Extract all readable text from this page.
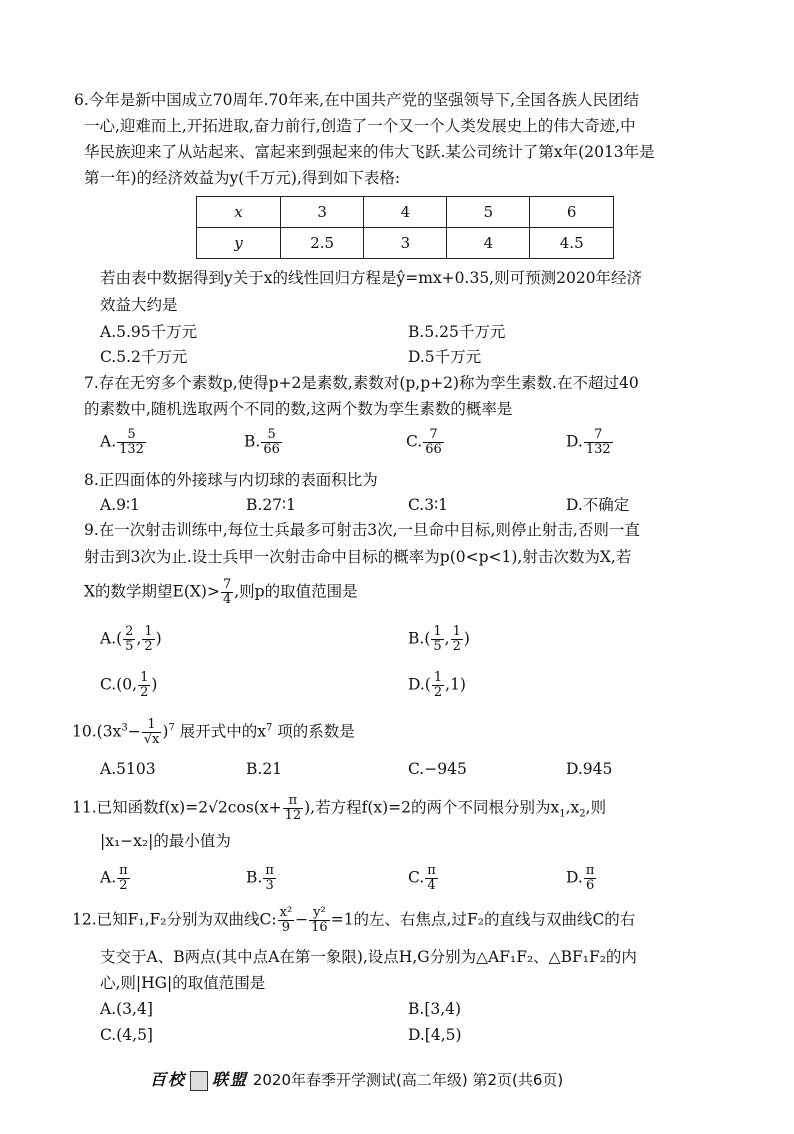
6.今年是新中国成立70周年.70年来,在中国共产党的坚强领导下,全国各族人民团结
一心,迎难而上,开拓进取,奋力前行,创造了一个又一个人类发展史上的伟大奇迹,中
华民族迎来了从站起来、富起来到强起来的伟大飞跃.某公司统计了第x年(2013年是
第一年)的经济效益为y(千万元),得到如下表格:
x	3	4	5	6
y	2.5	3	4	4.5
若由表中数据得到y关于x的线性回归方程是ŷ=mx+0.35,则可预测2020年经济
效益大约是
A.5.95千万元	B.5.25千万元
C.5.2千万元	D.5千万元
7.存在无穷多个素数p,使得p+2是素数,素数对(p,p+2)称为孪生素数.在不超过40
的素数中,随机选取两个不同的数,这两个数为孪生素数的概率是
A. $\frac{5}{132}$	B. $\frac{5}{66}$	C. $\frac{7}{66}$	D. $\frac{7}{132}$
8.正四面体的外接球与内切球的表面积比为
A.9∶1	B.27∶1	C.3∶1	D.不确定
9.在一次射击训练中,每位士兵最多可射击3次,一旦命中目标,则停止射击,否则一直
射击到3次为止.设士兵甲一次射击命中目标的概率为p(0<p<1),射击次数为X,若
X的数学期望$E(X)> \frac{7}{4}$ ,则p的取值范围是
$A.( \frac{2}{5}$ , $\frac{1}{2}$ )	$B.( \frac{1}{5}$ , $\frac{1}{2}$ )
C.(0, $\frac{1}{2}$ )	$D.( \frac{1}{2} ,1)$
$10.(3x^3- \frac{1}{√x} )^7$ 展开式中的$x^7$ 项的系数是
A.5103	B.21	C.−945	D.945
11.已知函数$f(x)=2√2\cos(x+ \frac{\pi}{12}$ ),若方程f(x)=2的两个不同根分别为$x_1,x_2$,则
|x₁−x₂|的最小值为
A. $\frac{\pi}{2}$	B. $\frac{\pi}{3}$	C. $\frac{\pi}{4}$	D. $\frac{\pi}{6}$
12.已知F₁,F₂分别为双曲线C: $\frac{\text{x²}}{9} - \frac{\text{y²}}{16} =1$的左、右焦点,过F₂的直线与双曲线C的右
支交于A、B两点(其中点A在第一象限),设点H,G分别为△AF₁F₂、△BF₁F₂的内
心,则|HG|的取值范围是
A.(3,4]	B.[3,4)
C.(4,5]	D.[4,5)
百校 联盟 2020年春季开学测试(高二年级) 第2页(共6页)
